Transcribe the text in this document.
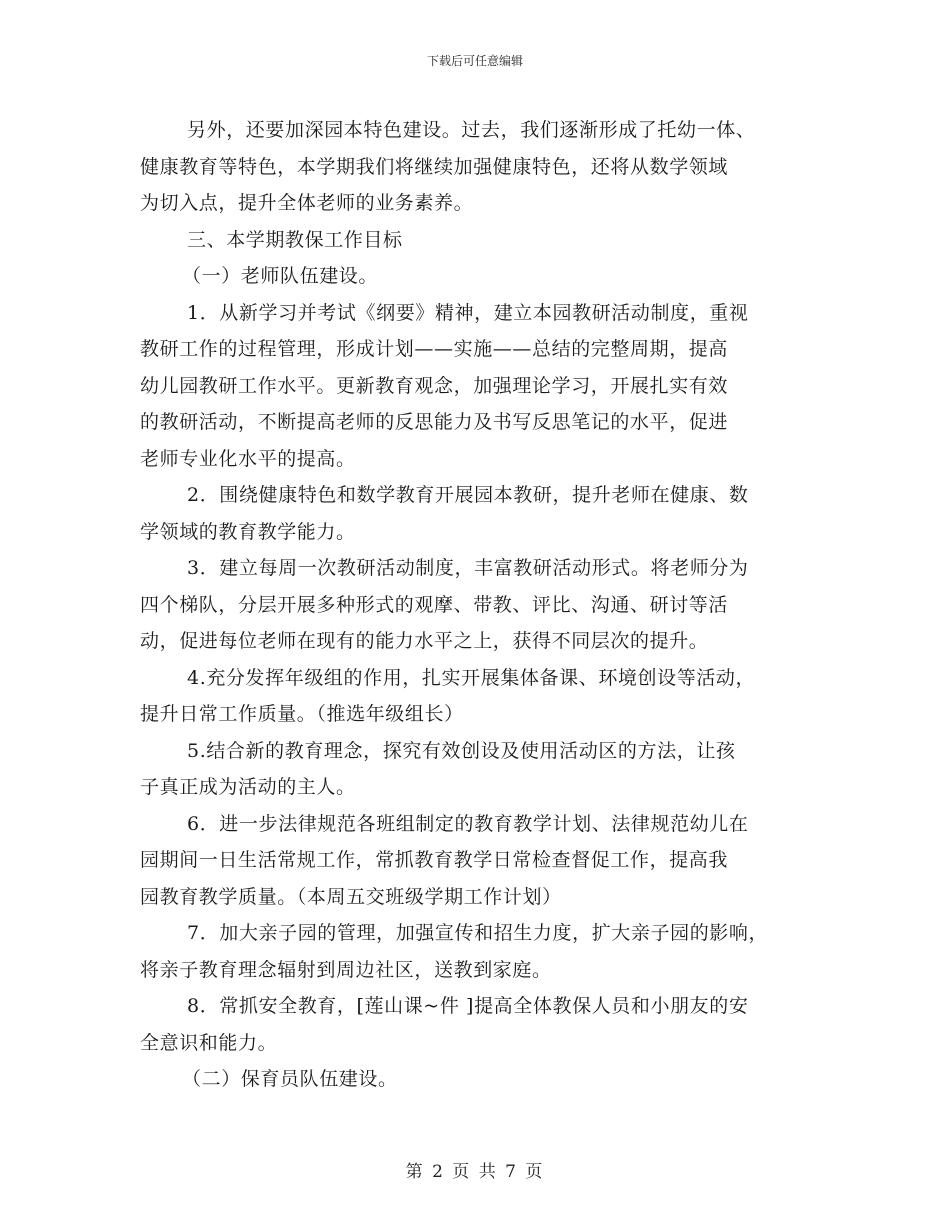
下载后可任意编辑
另外，还要加深园本特色建设。过去，我们逐渐形成了托幼一体、
健康教育等特色，本学期我们将继续加强健康特色，还将从数学领域
为切入点，提升全体老师的业务素养。
三、本学期教保工作目标
（一）老师队伍建设。
1．从新学习并考试《纲要》精神，建立本园教研活动制度，重视
教研工作的过程管理，形成计划——实施——总结的完整周期，提高
幼儿园教研工作水平。更新教育观念，加强理论学习，开展扎实有效
的教研活动，不断提高老师的反思能力及书写反思笔记的水平，促进
老师专业化水平的提高。
2．围绕健康特色和数学教育开展园本教研，提升老师在健康、数
学领域的教育教学能力。
3．建立每周一次教研活动制度，丰富教研活动形式。将老师分为
四个梯队，分层开展多种形式的观摩、带教、评比、沟通、研讨等活
动，促进每位老师在现有的能力水平之上，获得不同层次的提升。
4.充分发挥年级组的作用，扎实开展集体备课、环境创设等活动，
提升日常工作质量。（推选年级组长）
5.结合新的教育理念，探究有效创设及使用活动区的方法，让孩
子真正成为活动的主人。
6．进一步法律规范各班组制定的教育教学计划、法律规范幼儿在
园期间一日生活常规工作，常抓教育教学日常检查督促工作，提高我
园教育教学质量。（本周五交班级学期工作计划）
7．加大亲子园的管理，加强宣传和招生力度，扩大亲子园的影响，
将亲子教育理念辐射到周边社区，送教到家庭。
8．常抓安全教育，[莲山课~件 ]提高全体教保人员和小朋友的安
全意识和能力。
（二）保育员队伍建设。
第 2 页 共 7 页
